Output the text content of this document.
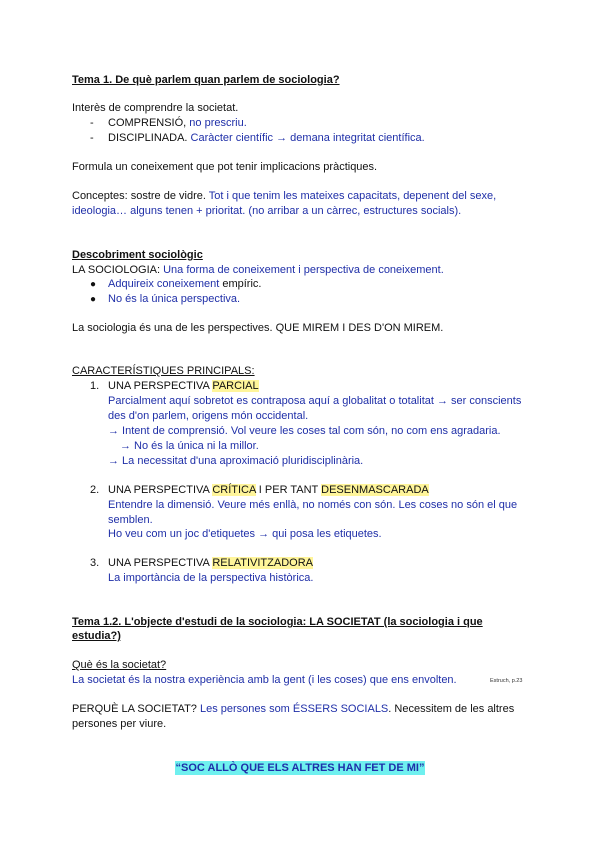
Tema 1. De què parlem quan parlem de sociologia?
Interès de comprendre la societat.
- COMPRENSIÓ, no prescriu.
- DISCIPLINADA. Caràcter científic → demana integritat científica.
Formula un coneixement que pot tenir implicacions pràctiques.
Conceptes: sostre de vidre. Tot i que tenim les mateixes capacitats, depenent del sexe,
ideologia… alguns tenen + prioritat. (no arribar a un càrrec, estructures socials).
Descobriment sociològic
LA SOCIOLOGIA: Una forma de coneixement i perspectiva de coneixement.
● Adquireix coneixement empíric.
● No és la única perspectiva.
La sociologia és una de les perspectives. QUE MIREM I DES D'ON MIREM.
CARACTERÍSTIQUES PRINCIPALS:
1. UNA PERSPECTIVA PARCIAL
Parcialment aquí sobretot es contraposa aquí a globalitat o totalitat → ser conscients
des d'on parlem, origens món occidental.
→ Intent de comprensió. Vol veure les coses tal com són, no com ens agradaria.
→ No és la única ni la millor.
→ La necessitat d'una aproximació pluridisciplinària.
2. UNA PERSPECTIVA CRÍTICA I PER TANT DESENMASCARADA
Entendre la dimensió. Veure més enllà, no només con són. Les coses no són el que
semblen.
Ho veu com un joc d'etiquetes → qui posa les etiquetes.
3. UNA PERSPECTIVA RELATIVITZADORA
La importància de la perspectiva històrica.
Tema 1.2. L'objecte d'estudi de la sociologia: LA SOCIETAT (la sociologia i que
estudia?)
Què és la societat?
La societat és la nostra experiència amb la gent (i les coses) que ens envolten.	Estruch, p.23
PERQUÈ LA SOCIETAT? Les persones som ÉSSERS SOCIALS. Necessitem de les altres
persones per viure.
“SOC ALLÒ QUE ELS ALTRES HAN FET DE MI”
